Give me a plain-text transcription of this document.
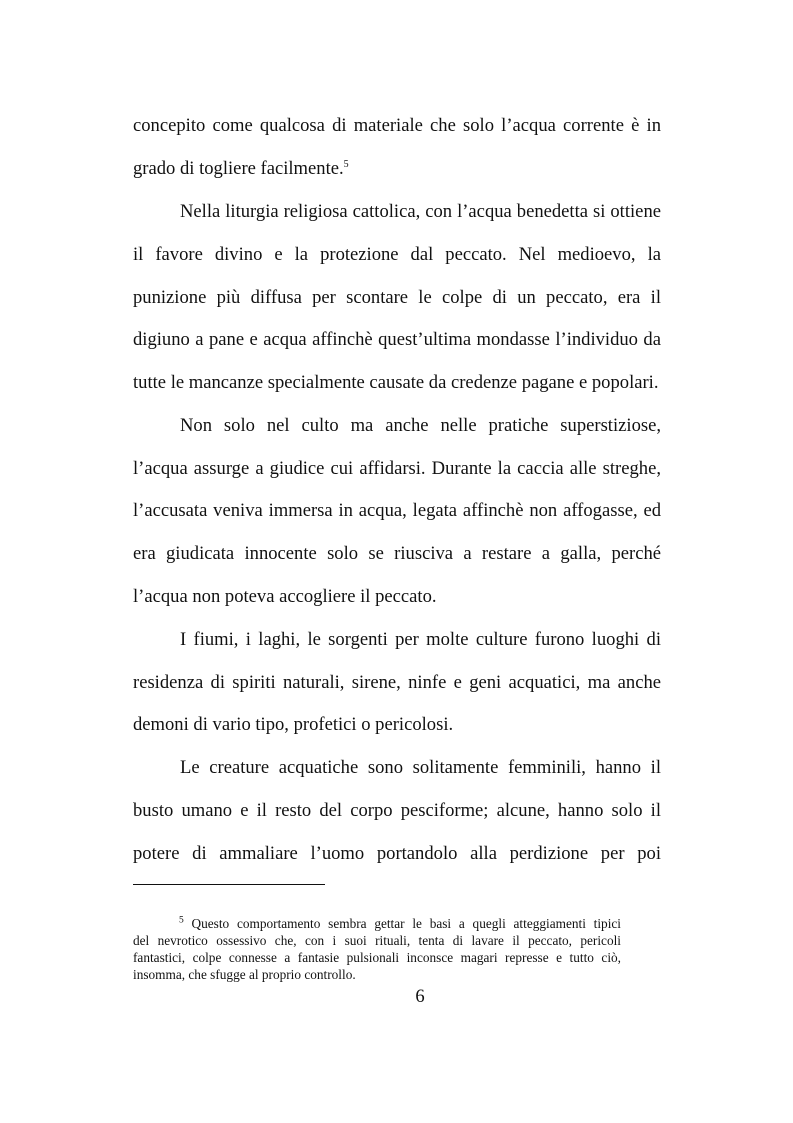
concepito come qualcosa di materiale che solo l’acqua corrente è in
grado di togliere facilmente.$^5$
Nella liturgia religiosa cattolica, con l’acqua benedetta si ottiene
il favore divino e la protezione dal peccato. Nel medioevo, la
punizione più diffusa per scontare le colpe di un peccato, era il
digiuno a pane e acqua affinchè quest’ultima mondasse l’individuo da
tutte le mancanze specialmente causate da credenze pagane e popolari.
Non solo nel culto ma anche nelle pratiche superstiziose,
l’acqua assurge a giudice cui affidarsi. Durante la caccia alle streghe,
l’accusata veniva immersa in acqua, legata affinchè non affogasse, ed
era giudicata innocente solo se riusciva a restare a galla, perché
l’acqua non poteva accogliere il peccato.
I fiumi, i laghi, le sorgenti per molte culture furono luoghi di
residenza di spiriti naturali, sirene, ninfe e geni acquatici, ma anche
demoni di vario tipo, profetici o pericolosi.
Le creature acquatiche sono solitamente femminili, hanno il
busto umano e il resto del corpo pesciforme; alcune, hanno solo il
potere di ammaliare l’uomo portandolo alla perdizione per poi
$^5$ Questo comportamento sembra gettar le basi a quegli atteggiamenti tipici
del nevrotico ossessivo che, con i suoi rituali, tenta di lavare il peccato, pericoli
fantastici, colpe connesse a fantasie pulsionali inconsce magari represse e tutto ciò,
insomma, che sfugge al proprio controllo.
6
